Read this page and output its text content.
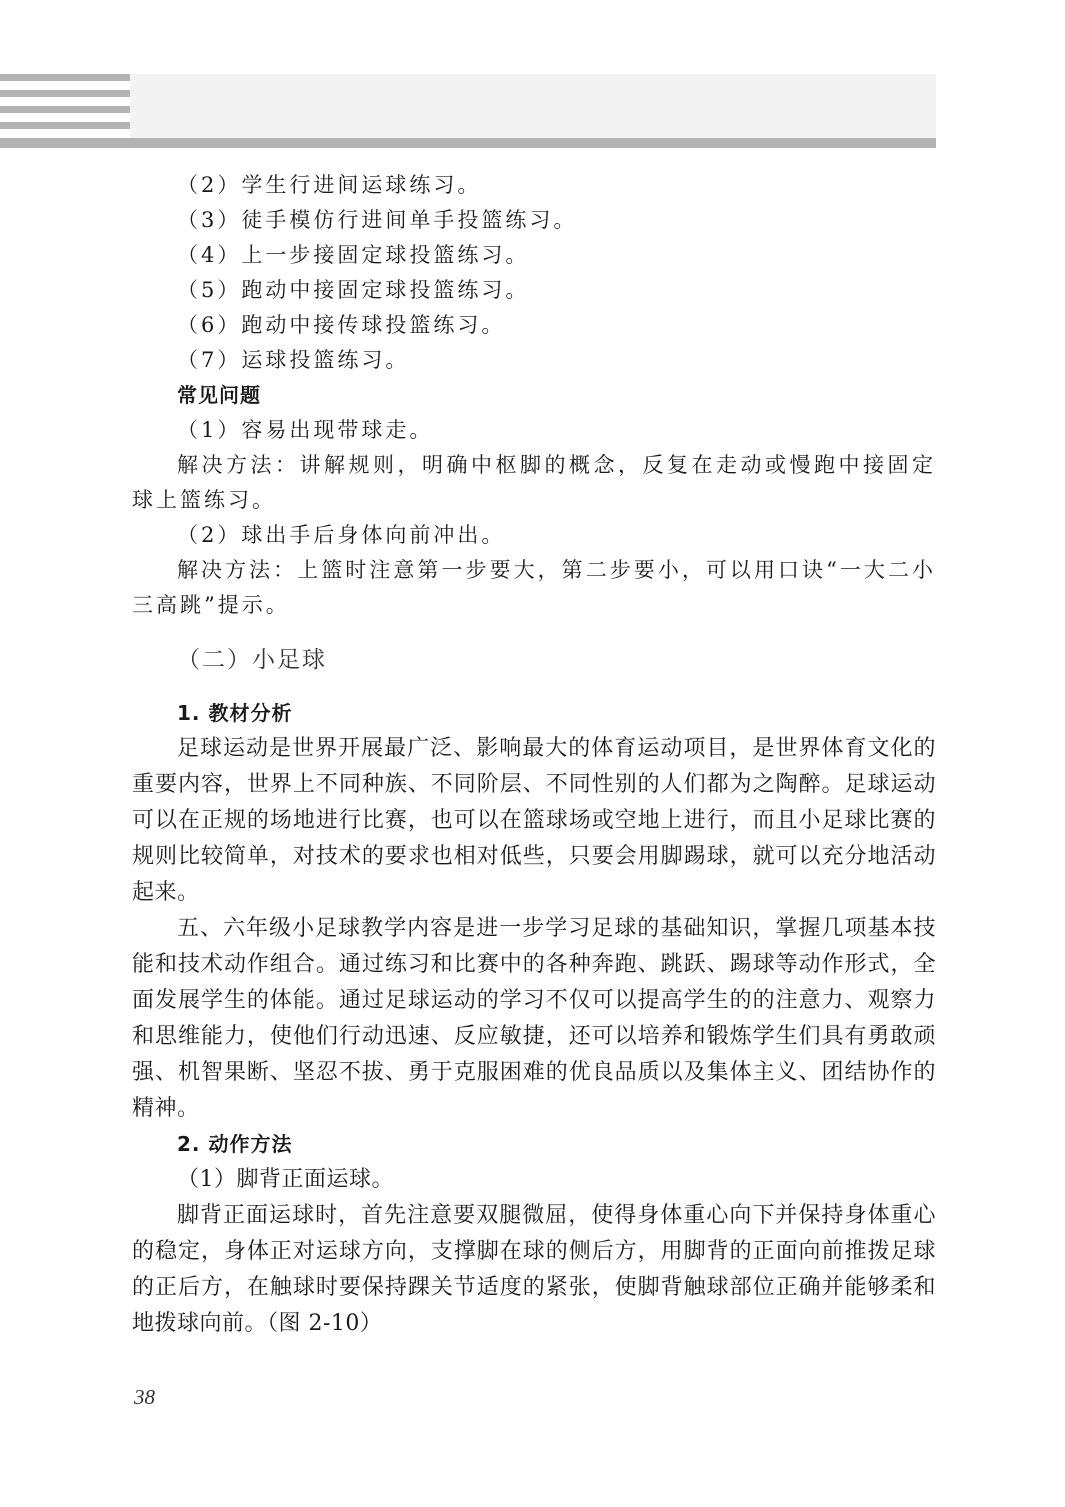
（2）学生行进间运球练习。

（3）徒手模仿行进间单手投篮练习。

（4）上一步接固定球投篮练习。

（5）跑动中接固定球投篮练习。

（6）跑动中接传球投篮练习。

（7）运球投篮练习。

常见问题

（1）容易出现带球走。

解决方法：讲解规则，明确中枢脚的概念，反复在走动或慢跑中接固定球上篮练习。

（2）球出手后身体向前冲出。

解决方法：上篮时注意第一步要大，第二步要小，可以用口诀“一大二小三高跳”提示。

（二）小足球

1. 教材分析

足球运动是世界开展最广泛、影响最大的体育运动项目，是世界体育文化的重要内容，世界上不同种族、不同阶层、不同性别的人们都为之陶醉。足球运动可以在正规的场地进行比赛，也可以在篮球场或空地上进行，而且小足球比赛的规则比较简单，对技术的要求也相对低些，只要会用脚踢球，就可以充分地活动起来。

五、六年级小足球教学内容是进一步学习足球的基础知识，掌握几项基本技能和技术动作组合。通过练习和比赛中的各种奔跑、跳跃、踢球等动作形式，全面发展学生的体能。通过足球运动的学习不仅可以提高学生的的注意力、观察力和思维能力，使他们行动迅速、反应敏捷，还可以培养和锻炼学生们具有勇敢顽强、机智果断、坚忍不拔、勇于克服困难的优良品质以及集体主义、团结协作的精神。

2. 动作方法

（1）脚背正面运球。

脚背正面运球时，首先注意要双腿微屈，使得身体重心向下并保持身体重心的稳定，身体正对运球方向，支撑脚在球的侧后方，用脚背的正面向前推拨足球的正后方，在触球时要保持踝关节适度的紧张，使脚背触球部位正确并能够柔和地拨球向前。（图 2-10）

38
